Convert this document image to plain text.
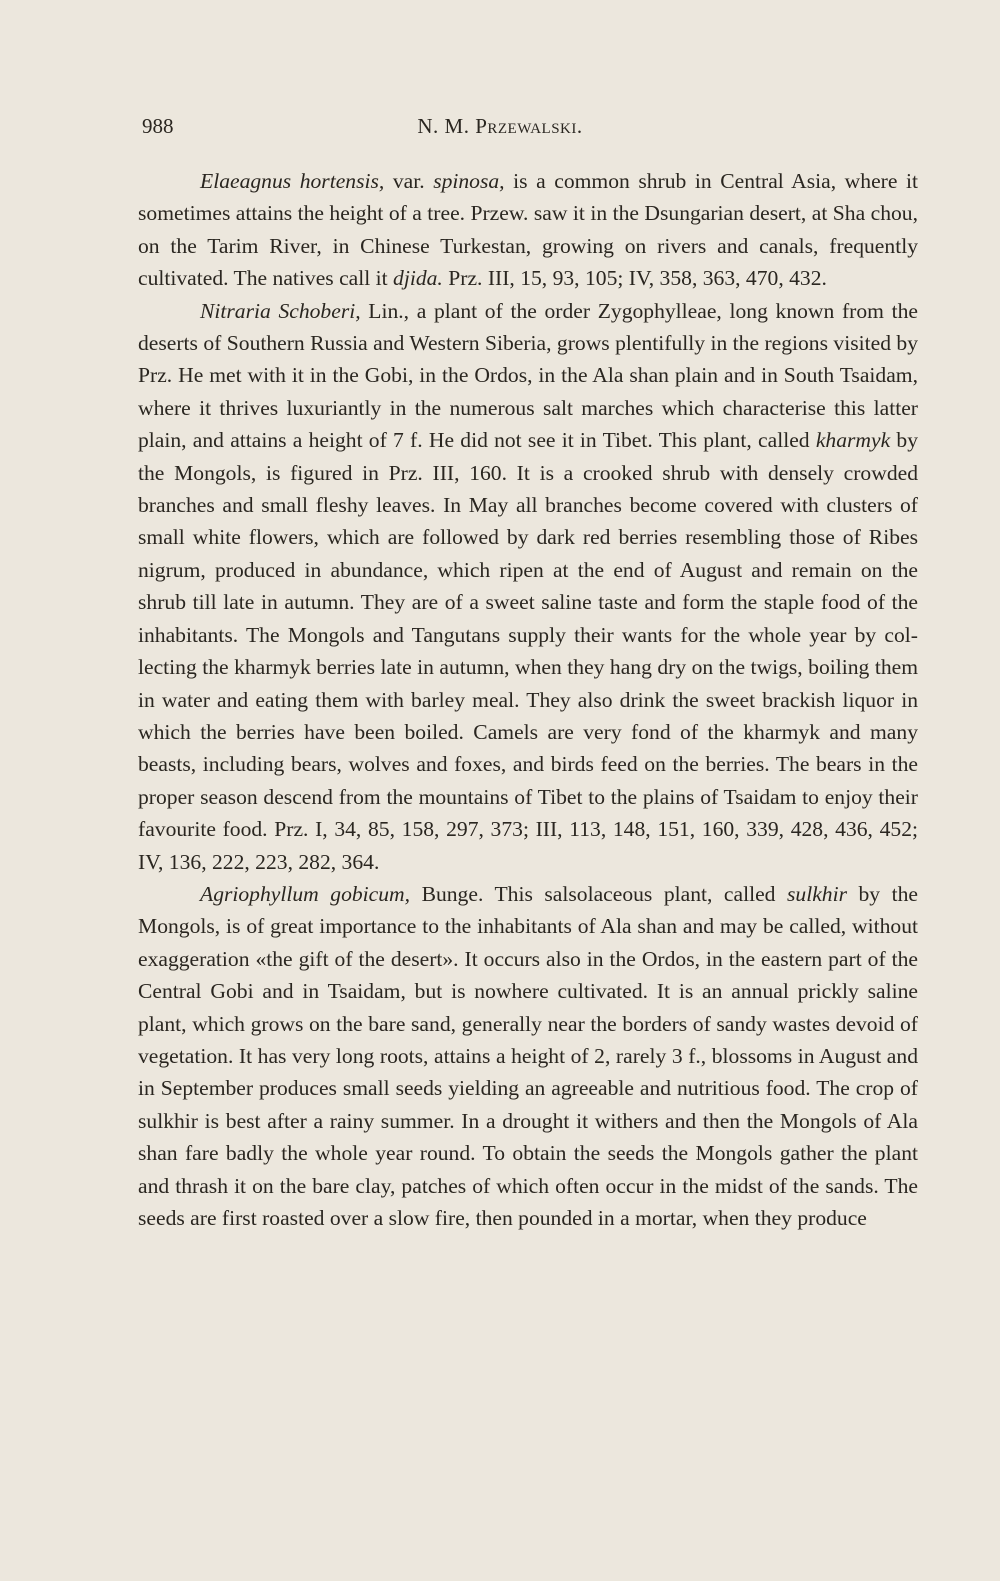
988	N. M. Przewalski.

Elaeagnus hortensis, var. spinosa, is a common shrub in Central Asia, where it sometimes attains the height of a tree. Przew. saw it in the Dsungarian desert, at Sha chou, on the Tarim River, in Chinese Turkestan, growing on rivers and canals, frequently cultivated. The natives call it djida. Prz. III, 15, 93, 105; IV, 358, 363, 470, 432.

Nitraria Schoberi, Lin., a plant of the order Zygophylleae, long known from the deserts of Southern Russia and Western Siberia, grows plentifully in the regions visited by Prz. He met with it in the Gobi, in the Ordos, in the Ala shan plain and in South Tsaidam, where it thrives luxuriantly in the numerous salt marches which characterise this latter plain, and attains a height of 7 f. He did not see it in Tibet. This plant, called kharmyk by the Mongols, is figured in Prz. III, 160. It is a crooked shrub with densely crowded branches and small fleshy leaves. In May all branches become covered with clusters of small white flowers, which are followed by dark red berries resembling those of Ribes nigrum, produced in abundance, which ripen at the end of August and remain on the shrub till late in autumn. They are of a sweet saline taste and form the staple food of the inhabitants. The Mongols and Tangutans supply their wants for the whole year by collecting the kharmyk berries late in autumn, when they hang dry on the twigs, boiling them in water and eating them with barley meal. They also drink the sweet brackish liquor in which the berries have been boiled. Camels are very fond of the kharmyk and many beasts, including bears, wolves and foxes, and birds feed on the berries. The bears in the proper season descend from the mountains of Tibet to the plains of Tsaidam to enjoy their favourite food. Prz. I, 34, 85, 158, 297, 373; III, 113, 148, 151, 160, 339, 428, 436, 452; IV, 136, 222, 223, 282, 364.

Agriophyllum gobicum, Bunge. This salsolaceous plant, called sulkhir by the Mongols, is of great importance to the inhabitants of Ala shan and may be called, without exaggeration «the gift of the desert». It occurs also in the Ordos, in the eastern part of the Central Gobi and in Tsaidam, but is nowhere cultivated. It is an annual prickly saline plant, which grows on the bare sand, generally near the borders of sandy wastes devoid of vegetation. It has very long roots, attains a height of 2, rarely 3 f., blossoms in August and in September produces small seeds yielding an agreeable and nutritious food. The crop of sulkhir is best after a rainy summer. In a drought it withers and then the Mongols of Ala shan fare badly the whole year round. To obtain the seeds the Mongols gather the plant and thrash it on the bare clay, patches of which often occur in the midst of the sands. The seeds are first roasted over a slow fire, then pounded in a mortar, when they produce
